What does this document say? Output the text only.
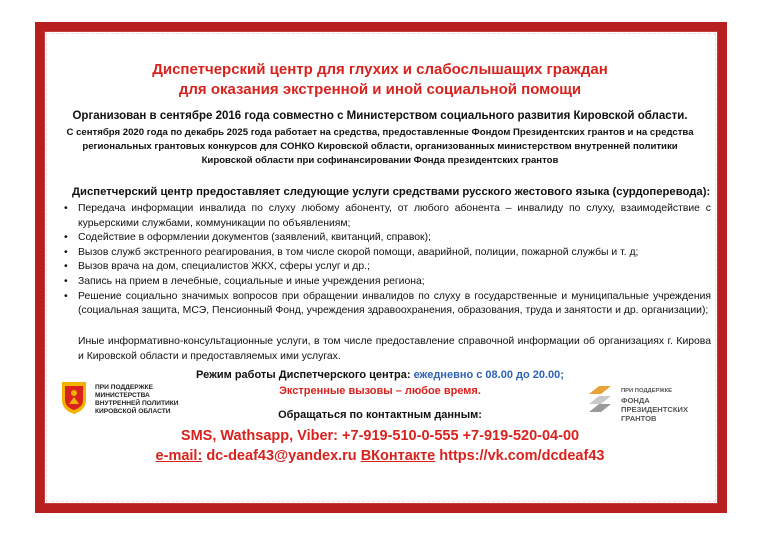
Диспетчерский центр для глухих и слабослышащих граждан
для оказания экстренной и иной социальной помощи
Организован в сентябре 2016 года совместно с Министерством социального развития Кировской области.
С сентября 2020 года по декабрь 2025 года работает на средства, предоставленные Фондом Президентских грантов и на средства региональных грантовых конкурсов для СОНКО Кировской области, организованных министерством внутренней политики Кировской области при софинансировании Фонда президентских грантов
Диспетчерский центр предоставляет следующие услуги средствами русского жестового языка (сурдоперевода):
• Передача информации инвалида по слуху любому абоненту, от любого абонента – инвалиду по слуху, взаимодействие с курьерскими службами, коммуникации по объявлениям;
• Содействие в оформлении документов (заявлений, квитанций, справок);
• Вызов служб экстренного реагирования, в том числе скорой помощи, аварийной, полиции, пожарной службы и т. д;
• Вызов врача на дом, специалистов ЖКХ, сферы услуг и др.;
• Запись на прием в лечебные, социальные и иные учреждения региона;
• Решение социально значимых вопросов при обращении инвалидов по слуху в государственные и муниципальные учреждения (социальная защита, МСЭ, Пенсионный Фонд, учреждения здравоохранения, образования, труда и занятости и др. организации);
Иные информативно-консультационные услуги, в том числе предоставление справочной информации об организациях г. Кирова и Кировской области и предоставляемых ими услугах.
ПРИ ПОДДЕРЖКЕ
МИНИСТЕРСТВА
ВНУТРЕННЕЙ ПОЛИТИКИ
КИРОВСКОЙ ОБЛАСТИ
ПРИ ПОДДЕРЖКЕ
ФОНДА
ПРЕЗИДЕНТСКИХ
ГРАНТОВ
Режим работы Диспетчерского центра: ежедневно с 08.00 до 20.00;
Экстренные вызовы – любое время.
Обращаться по контактным данным:
SMS, Wathsapp, Viber: +7-919-510-0-555 +7-919-520-04-00
e-mail: dc-deaf43@yandex.ru ВКонтакте https://vk.com/dcdeaf43
